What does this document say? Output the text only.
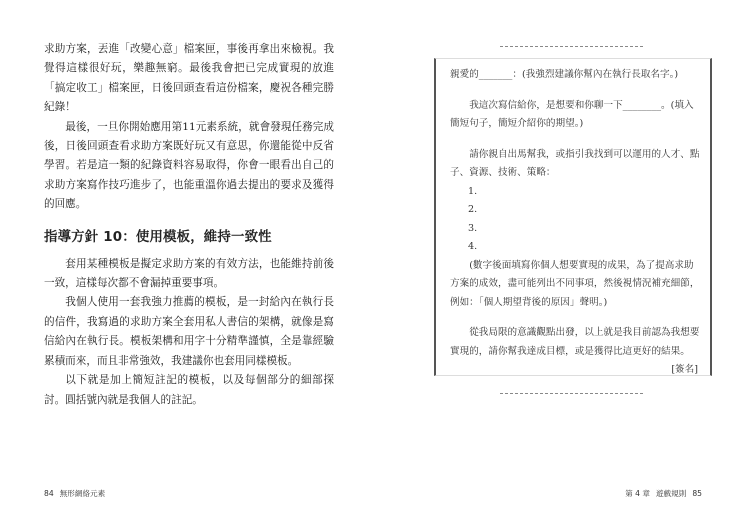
求助方案，丟進「改變心意」檔案匣，事後再拿出來檢視。我覺得這樣很好玩，樂趣無窮。最後我會把已完成實現的放進「搞定收工」檔案匣，日後回頭查看這份檔案，慶祝各種完勝紀錄！

最後，一旦你開始應用第11元素系統，就會發現任務完成後，日後回頭查看求助方案既好玩又有意思，你還能從中反省學習。若是這一類的紀錄資料容易取得，你會一眼看出自己的求助方案寫作技巧進步了，也能重溫你過去提出的要求及獲得的回應。

指導方針 10：使用模板，維持一致性

套用某種模板是擬定求助方案的有效方法，也能維持前後一致，這樣每次都不會漏掉重要事項。

我個人使用一套我強力推薦的模板，是一封給內在執行長的信件，我寫過的求助方案全套用私人書信的架構，就像是寫信給內在執行長。模板架構和用字十分精準謹慎，全是靠經驗累積而來，而且非常強效，我建議你也套用同樣模板。

以下就是加上簡短註記的模板，以及每個部分的細部探討。圓括號內就是我個人的註記。

84 無形網絡元素

親愛的_______：(我強烈建議你幫內在執行長取名字。)

我這次寫信給你，是想要和你聊一下________。(填入簡短句子，簡短介紹你的期望。)

請你親自出馬幫我，或指引我找到可以運用的人才、點子、資源、技術、策略：

1.
2.
3.
4.

(數字後面填寫你個人想要實現的成果，為了提高求助方案的成效，盡可能列出不同事項，然後視情況補充細節，例如：「個人期望背後的原因」聲明。)

從我局限的意識觀點出發，以上就是我目前認為我想要實現的，請你幫我達成目標，或是獲得比這更好的結果。

[簽名]

第 4 章 遊戲規則 85
